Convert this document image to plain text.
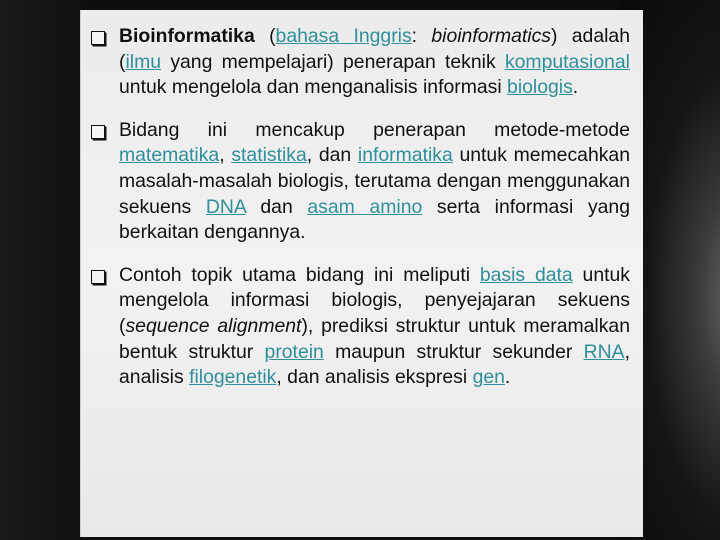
Bioinformatika (bahasa Inggris: bioinformatics) adalah (ilmu yang mempelajari) penerapan teknik komputasional untuk mengelola dan menganalisis informasi biologis.
Bidang ini mencakup penerapan metode-metode matematika, statistika, dan informatika untuk memecahkan masalah-masalah biologis, terutama dengan menggunakan sekuens DNA dan asam amino serta informasi yang berkaitan dengannya.
Contoh topik utama bidang ini meliputi basis data untuk mengelola informasi biologis, penyejajaran sekuens (sequence alignment), prediksi struktur untuk meramalkan bentuk struktur protein maupun struktur sekunder RNA, analisis filogenetik, dan analisis ekspresi gen.
